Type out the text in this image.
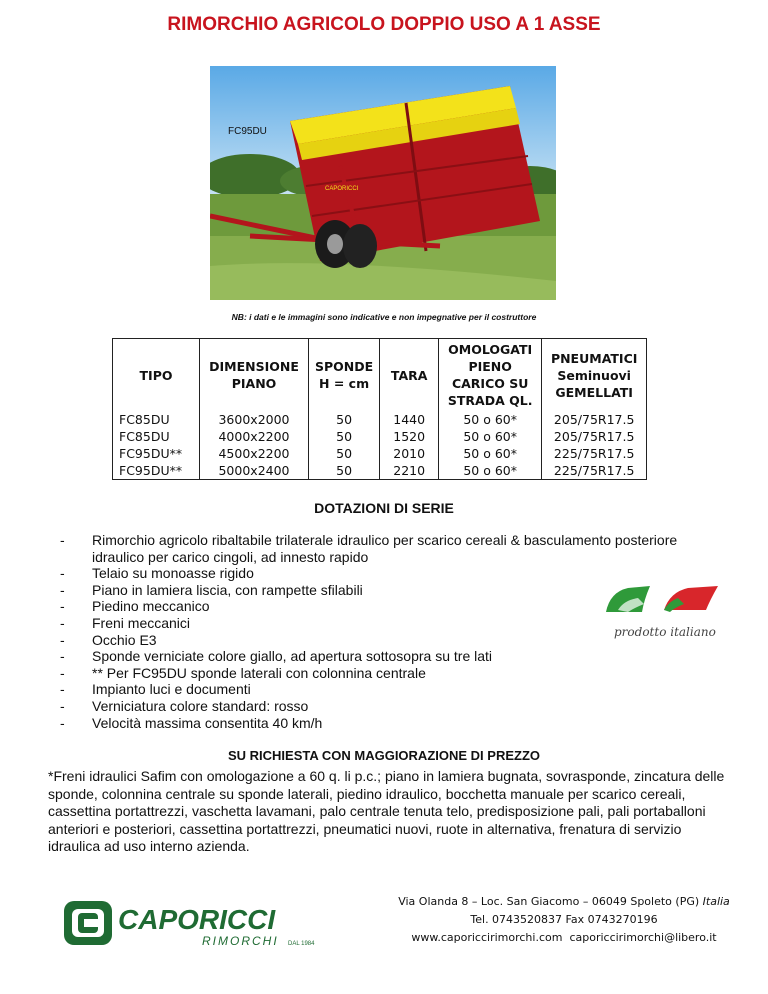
RIMORCHIO AGRICOLO DOPPIO USO A 1 ASSE
FC95DU
CAPORICCI
NB: i dati e le immagini sono indicative e non impegnative per il costruttore
TIPO	DIMENSIONE PIANO	SPONDE H = cm	TARA	OMOLOGATI PIENO CARICO SU STRADA QL.	PNEUMATICI Seminuovi GEMELLATI
FC85DU	3600x2000	50	1440	50 o 60*	205/75R17.5
FC85DU	4000x2200	50	1520	50 o 60*	205/75R17.5
FC95DU**	4500x2200	50	2010	50 o 60*	225/75R17.5
FC95DU**	5000x2400	50	2210	50 o 60*	225/75R17.5
DOTAZIONI DI SERIE
- Rimorchio agricolo ribaltabile trilaterale idraulico per scarico cereali & basculamento posteriore idraulico per carico cingoli, ad innesto rapido
- Telaio su monoasse rigido
- Piano in lamiera liscia, con rampette sfilabili
- Piedino meccanico
- Freni meccanici
- Occhio E3
- Sponde verniciate colore giallo, ad apertura sottosopra su tre lati
- ** Per FC95DU sponde laterali con colonnina centrale
- Impianto luci e documenti
- Verniciatura colore standard: rosso
- Velocità massima consentita 40 km/h
prodotto italiano
SU RICHIESTA CON MAGGIORAZIONE DI PREZZO
*Freni idraulici Safim con omologazione a 60 q. li p.c.; piano in lamiera bugnata, sovrasponde, zincatura delle sponde, colonnina centrale su sponde laterali, piedino idraulico, bocchetta manuale per scarico cereali, cassettina portattrezzi, vaschetta lavamani, palo centrale tenuta telo, predisposizione pali, pali portaballoni anteriori e posteriori, cassettina portattrezzi, pneumatici nuovi, ruote in alternativa, frenatura di servizio idraulica ad uso interno azienda.
CAPORICCI
RIMORCHI DAL 1984
Via Olanda 8 – Loc. San Giacomo – 06049 Spoleto (PG) Italia
Tel. 0743520837 Fax 0743270196
www.caporiccirimorchi.com caporiccirimorchi@libero.it
